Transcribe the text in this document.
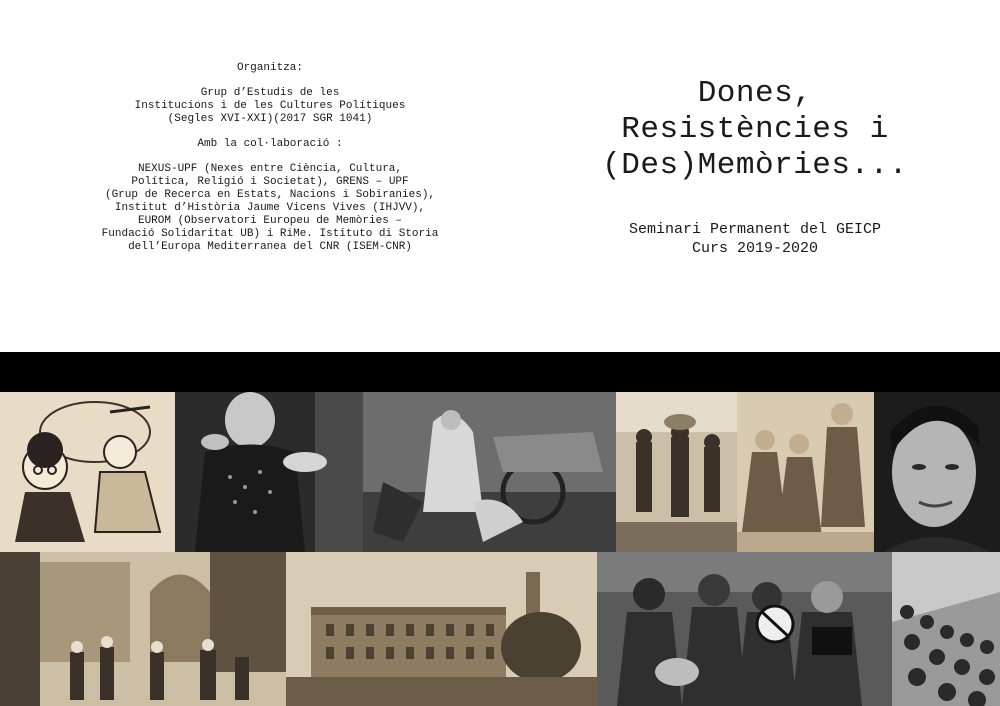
Organitza:
Grup d’Estudis de les
Institucions i de les Cultures Polítiques
(Segles XVI-XXI)(2017 SGR 1041)
Amb la col·laboració :
NEXUS-UPF (Nexes entre Ciència, Cultura,
Política, Religió i Societat), GRENS – UPF
(Grup de Recerca en Estats, Nacions i Sobiranies),
Institut d’Història Jaume Vicens Vives (IHJVV),
EUROM (Observatori Europeu de Memòries –
Fundació Solidaritat UB) i RiMe. Istituto di Storia
dell’Europa Mediterranea del CNR (ISEM-CNR)
Dones,
Resistències i
(Des)Memòries...
Seminari Permanent del GEICP
Curs 2019-2020
